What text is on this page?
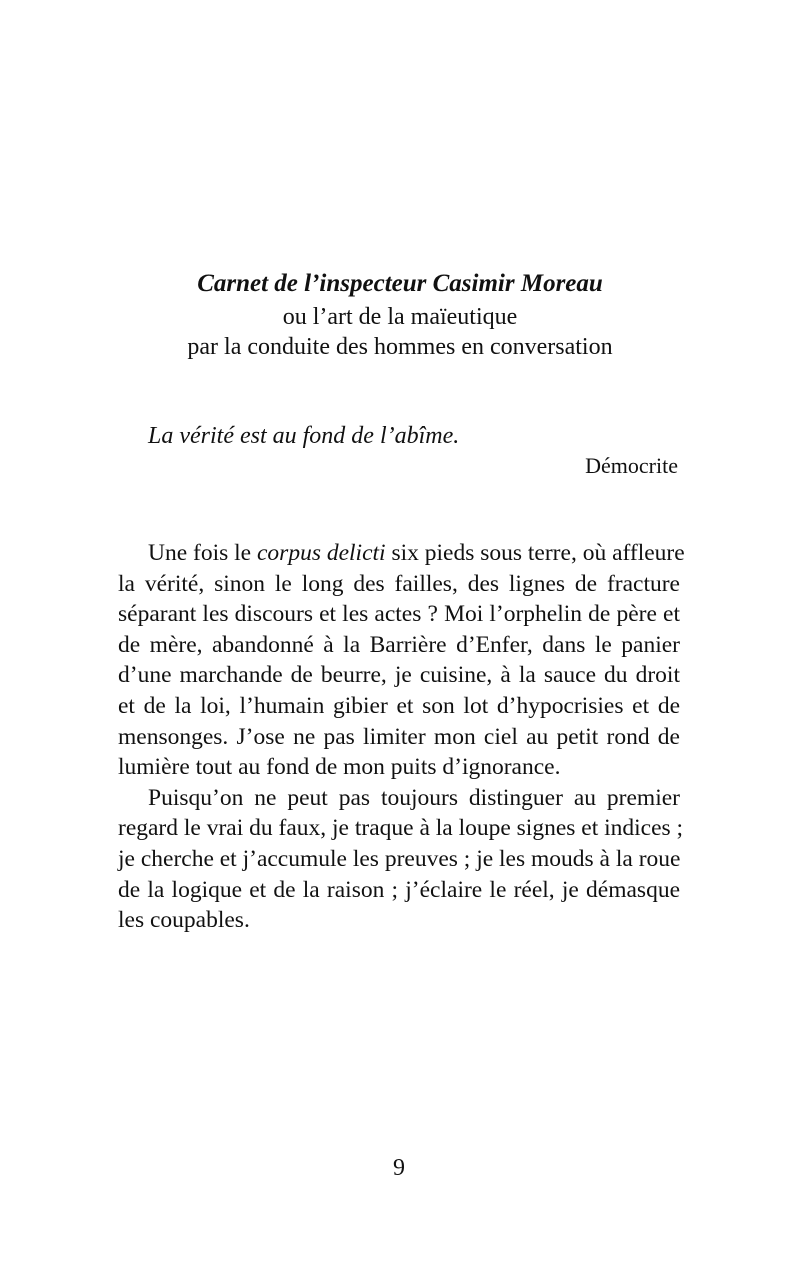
Carnet de l’inspecteur Casimir Moreau
ou l’art de la maïeutique
par la conduite des hommes en conversation
La vérité est au fond de l’abîme.
Démocrite

Une fois le corpus delicti six pieds sous terre, où affleure
la vérité, sinon le long des failles, des lignes de fracture
séparant les discours et les actes ? Moi l’orphelin de père et
de mère, abandonné à la Barrière d’Enfer, dans le panier
d’une marchande de beurre, je cuisine, à la sauce du droit
et de la loi, l’humain gibier et son lot d’hypocrisies et de
mensonges. J’ose ne pas limiter mon ciel au petit rond de
lumière tout au fond de mon puits d’ignorance.

Puisqu’on ne peut pas toujours distinguer au premier
regard le vrai du faux, je traque à la loupe signes et indices ;
je cherche et j’accumule les preuves ; je les mouds à la roue
de la logique et de la raison ; j’éclaire le réel, je démasque
les coupables.

9
